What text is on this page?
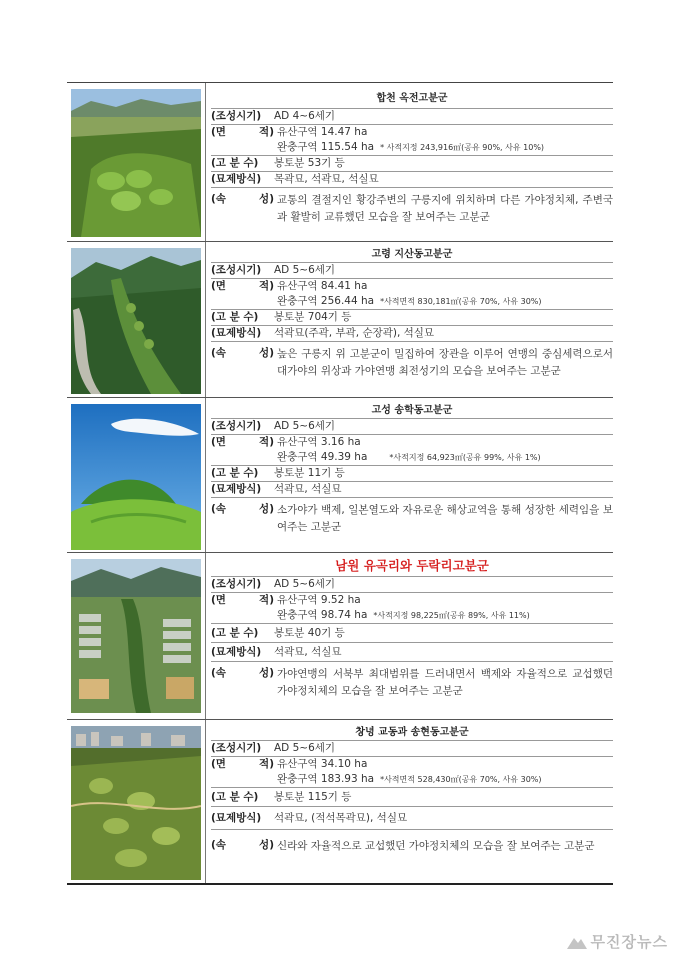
합천 옥전고분군
(조성시기)	AD 4~6세기
(면	적) 유산구역 14.47 ha

완충구역 115.54 ha * 사적지정 243,916㎡(공유 90%, 사유 10%)

(고 분 수)	봉토분 53기 등
(묘제방식)	목곽묘, 석곽묘, 석실묘
(속	성) 교통의 결절지인 황강주변의 구릉지에 위치하며 다른 가야정치체, 주변국과 활발히 교류했던 모습을 잘 보여주는 고분군
고령 지산동고분군
(조성시기)	AD 5~6세기
(면	적) 유산구역 84.41 ha

완충구역 256.44 ha *사적면적 830,181㎡(공유 70%, 사유 30%)

(고 분 수)	봉토분 704기 등
(묘제방식)	석곽묘(주곽, 부곽, 순장곽), 석실묘
(속	성) 높은 구릉지 위 고분군이 밀집하여 장관을 이루어 연맹의 중심세력으로서 대가야의 위상과 가야연맹 최전성기의 모습을 보여주는 고분군
고성 송학동고분군
(조성시기)	AD 5~6세기
(면	적) 유산구역 3.16 ha

완충구역 49.39 ha	*사적지정 64,923㎡(공유 99%, 사유 1%)

(고 분 수)	봉토분 11기 등
(묘제방식)	석곽묘, 석실묘
(속	성) 소가야가 백제, 일본열도와 자유로운 해상교역을 통해 성장한 세력임을 보여주는 고분군
남원 유곡리와 두락리고분군
(조성시기)	AD 5~6세기
(면	적) 유산구역 9.52 ha

완충구역 98.74 ha *사적지정 98,225㎡(공유 89%, 사유 11%)

(고 분 수)	봉토분 40기 등
(묘제방식)	석곽묘, 석실묘
(속	성) 가야연맹의 서북부 최대범위를 드러내면서 백제와 자율적으로 교섭했던 가야정치체의 모습을 잘 보여주는 고분군
창녕 교동과 송현동고분군
(조성시기)	AD 5~6세기
(면	적) 유산구역 34.10 ha

완충구역 183.93 ha *사적면적 528,430㎡(공유 70%, 사유 30%)

(고 분 수)	봉토분 115기 등
(묘제방식)	석곽묘, (적석목곽묘), 석실묘
(속	성) 신라와 자율적으로 교섭했던 가야정치체의 모습을 잘 보여주는 고분군
무진장뉴스
